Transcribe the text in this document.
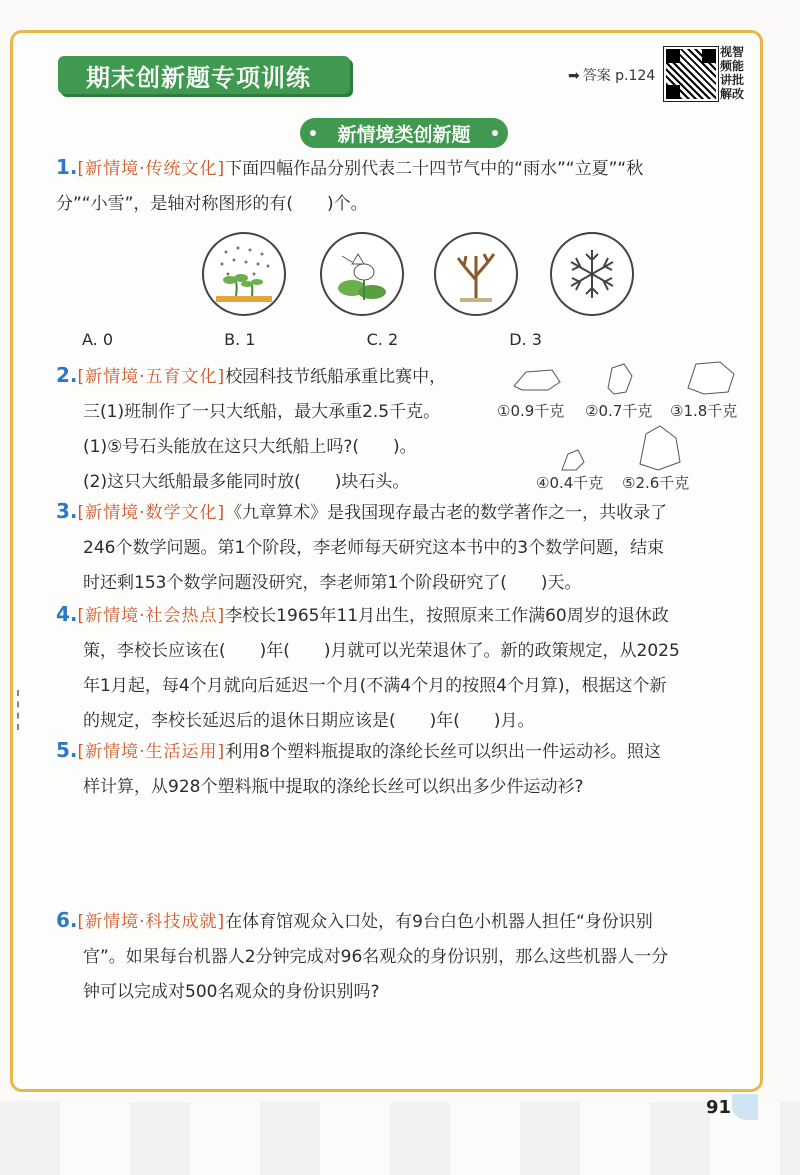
期末创新题专项训练	➡ 答案 p.124
视智频能讲批解改
新情境类创新题
1.[新情境·传统文化]下面四幅作品分别代表二十四节气中的“雨水”“立夏”“秋
分”“小雪”，是轴对称图形的有(　　)个。
A. 0	B. 1	C. 2	D. 3
2.[新情境·五育文化]校园科技节纸船承重比赛中，
三(1)班制作了一只大纸船，最大承重2.5千克。
(1)⑤号石头能放在这只大纸船上吗?(　　)。
(2)这只大纸船最多能同时放(　　)块石头。
①0.9千克 ②0.7千克 ③1.8千克
④0.4千克 ⑤2.6千克
3.[新情境·数学文化]《九章算术》是我国现存最古老的数学著作之一，共收录了
246个数学问题。第1个阶段，李老师每天研究这本书中的3个数学问题，结束
时还剩153个数学问题没研究，李老师第1个阶段研究了(　　)天。
4.[新情境·社会热点]李校长1965年11月出生，按照原来工作满60周岁的退休政
策，李校长应该在(　　)年(　　)月就可以光荣退休了。新的政策规定，从2025
年1月起，每4个月就向后延迟一个月(不满4个月的按照4个月算)，根据这个新
的规定，李校长延迟后的退休日期应该是(　　)年(　　)月。
5.[新情境·生活运用]利用8个塑料瓶提取的涤纶长丝可以织出一件运动衫。照这
样计算，从928个塑料瓶中提取的涤纶长丝可以织出多少件运动衫?
6.[新情境·科技成就]在体育馆观众入口处，有9台白色小机器人担任“身份识别
官”。如果每台机器人2分钟完成对96名观众的身份识别，那么这些机器人一分
钟可以完成对500名观众的身份识别吗?
91
